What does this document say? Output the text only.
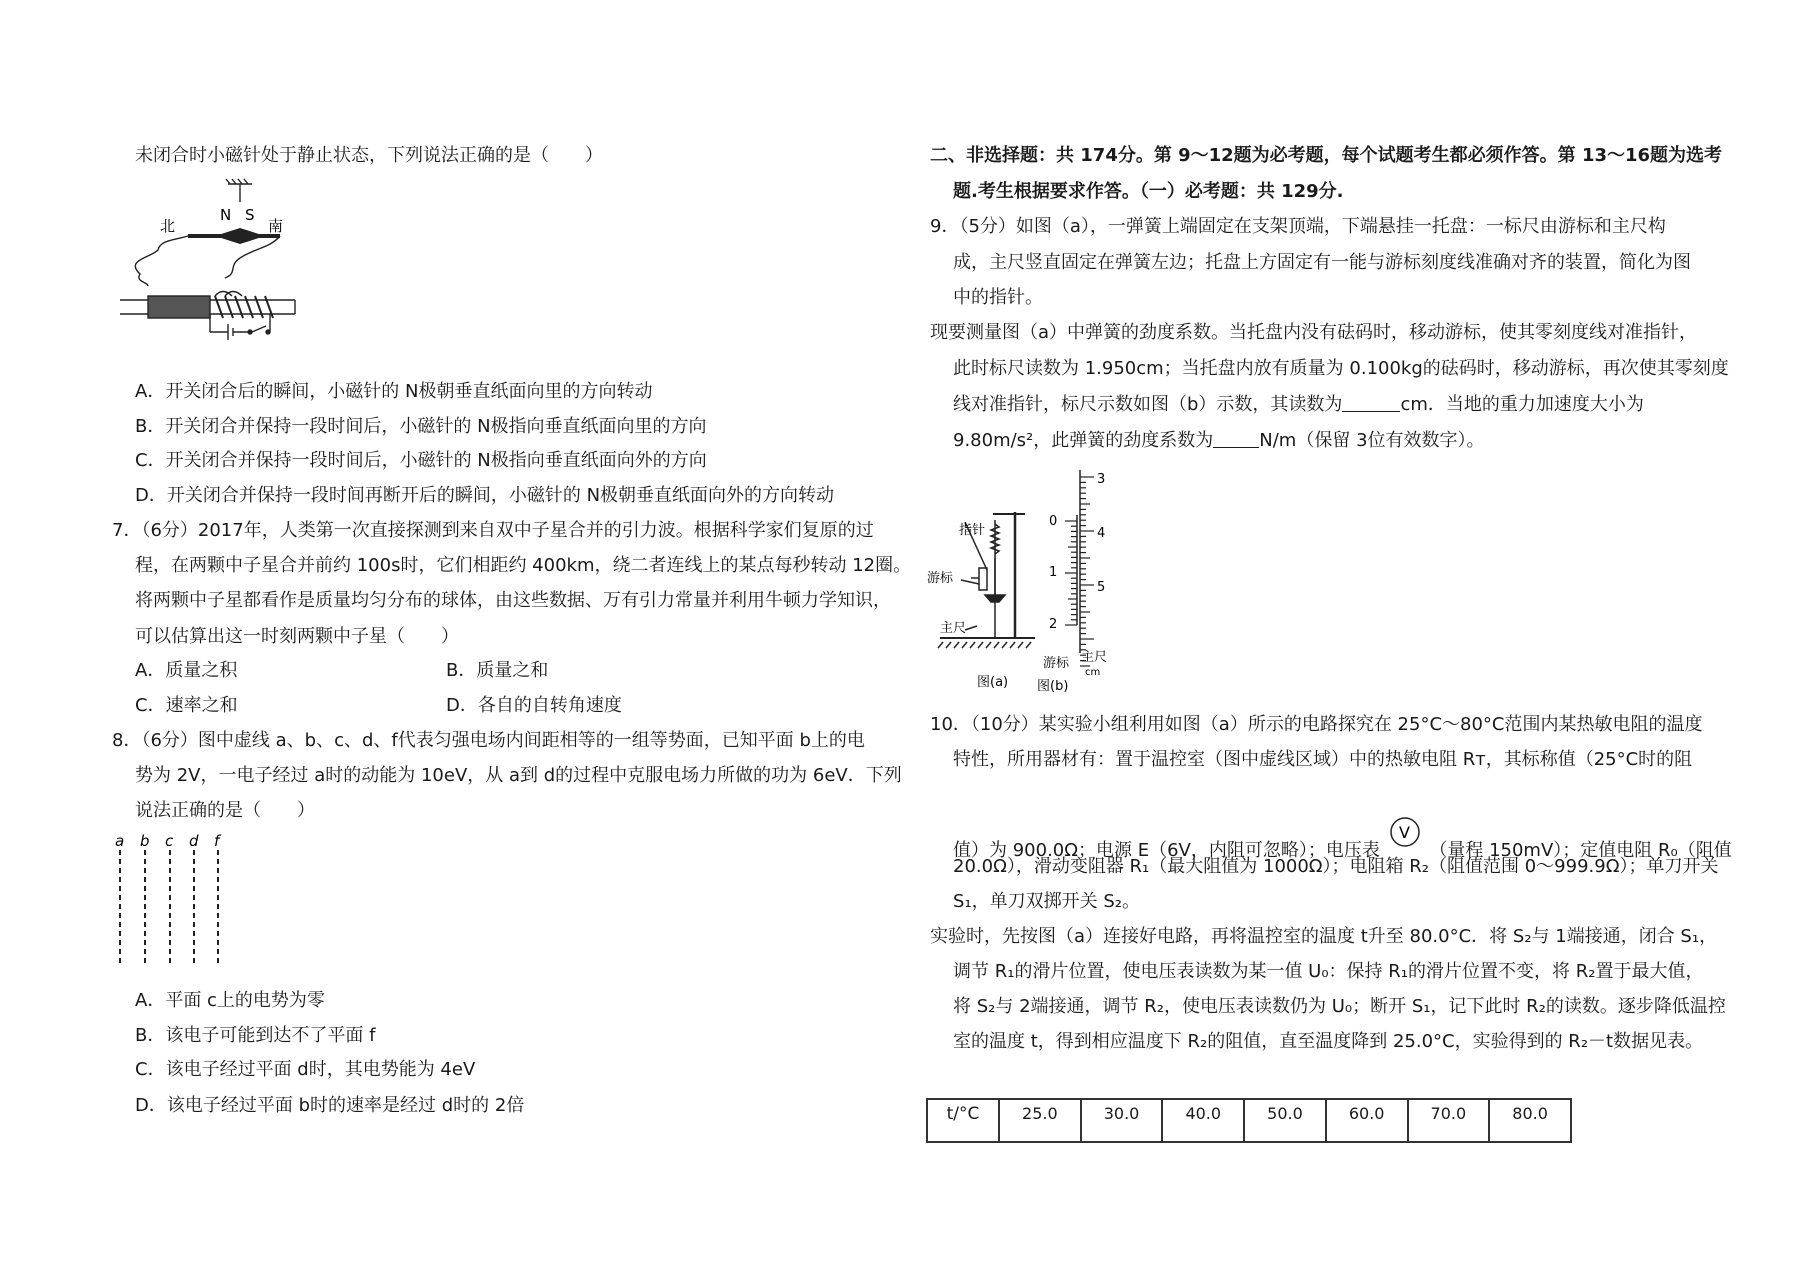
未闭合时小磁针处于静止状态，下列说法正确的是（　　）
北	南
N S
A．开关闭合后的瞬间，小磁针的 N极朝垂直纸面向里的方向转动
B．开关闭合并保持一段时间后，小磁针的 N极指向垂直纸面向里的方向
C．开关闭合并保持一段时间后，小磁针的 N极指向垂直纸面向外的方向
D．开关闭合并保持一段时间再断开后的瞬间，小磁针的 N极朝垂直纸面向外的方向转动
7．（6分）2017年，人类第一次直接探测到来自双中子星合并的引力波。根据科学家们复原的过
程，在两颗中子星合并前约 100s时，它们相距约 400km，绕二者连线上的某点每秒转动 12圈。
将两颗中子星都看作是质量均匀分布的球体，由这些数据、万有引力常量并利用牛顿力学知识，
可以估算出这一时刻两颗中子星（　　）
A．质量之积	B．质量之和
C．速率之和	D．各自的自转角速度
8．（6分）图中虚线 a、b、c、d、f代表匀强电场内间距相等的一组等势面，已知平面 b上的电
势为 2V，一电子经过 a时的动能为 10eV，从 a到 d的过程中克服电场力所做的功为 6eV．下列
说法正确的是（　　）
a b c d f
A．平面 c上的电势为零
B．该电子可能到达不了平面 f
C．该电子经过平面 d时，其电势能为 4eV
D．该电子经过平面 b时的速率是经过 d时的 2倍
二、非选择题：共 174分。第 9～12题为必考题，每个试题考生都必须作答。第 13～16题为选考
题.考生根据要求作答。（一）必考题：共 129分.
9．（5分）如图（a），一弹簧上端固定在支架顶端，下端悬挂一托盘：一标尺由游标和主尺构
成，主尺竖直固定在弹簧左边；托盘上方固定有一能与游标刻度线准确对齐的装置，简化为图
中的指针。
现要测量图（a）中弹簧的劲度系数。当托盘内没有砝码时，移动游标，使其零刻度线对准指针，
此时标尺读数为 1.950cm；当托盘内放有质量为 0.100kg的砝码时，移动游标，再次使其零刻度
线对准指针，标尺示数如图（b）示数，其读数为	cm．当地的重力加速度大小为
9.80m/s²，此弹簧的劲度系数为	N/m（保留 3位有效数字）。
指针
游标
主尺
图(a)
3
4
5
0
1
2
游标 主尺
cm
图(b)
10．（10分）某实验小组利用如图（a）所示的电路探究在 25°C～80°C范围内某热敏电阻的温度
特性，所用器材有：置于温控室（图中虚线区域）中的热敏电阻 Rт，其标称值（25°C时的阻
值）为 900.0Ω；电源 E（6V，内阻可忽略）；电压表
V
（量程 150mV）；定值电阻 R₀（阻值
20.0Ω），滑动变阻器 R₁（最大阻值为 1000Ω）；电阻箱 R₂（阻值范围 0～999.9Ω）；单刀开关
S₁，单刀双掷开关 S₂。
实验时，先按图（a）连接好电路，再将温控室的温度 t升至 80.0°C．将 S₂与 1端接通，闭合 S₁，
调节 R₁的滑片位置，使电压表读数为某一值 U₀：保持 R₁的滑片位置不变，将 R₂置于最大值，
将 S₂与 2端接通，调节 R₂，使电压表读数仍为 U₀；断开 S₁，记下此时 R₂的读数。逐步降低温控
室的温度 t，得到相应温度下 R₂的阻值，直至温度降到 25.0°C，实验得到的 R₂－t数据见表。
t/°C	25.0	30.0	40.0	50.0	60.0	70.0	80.0
